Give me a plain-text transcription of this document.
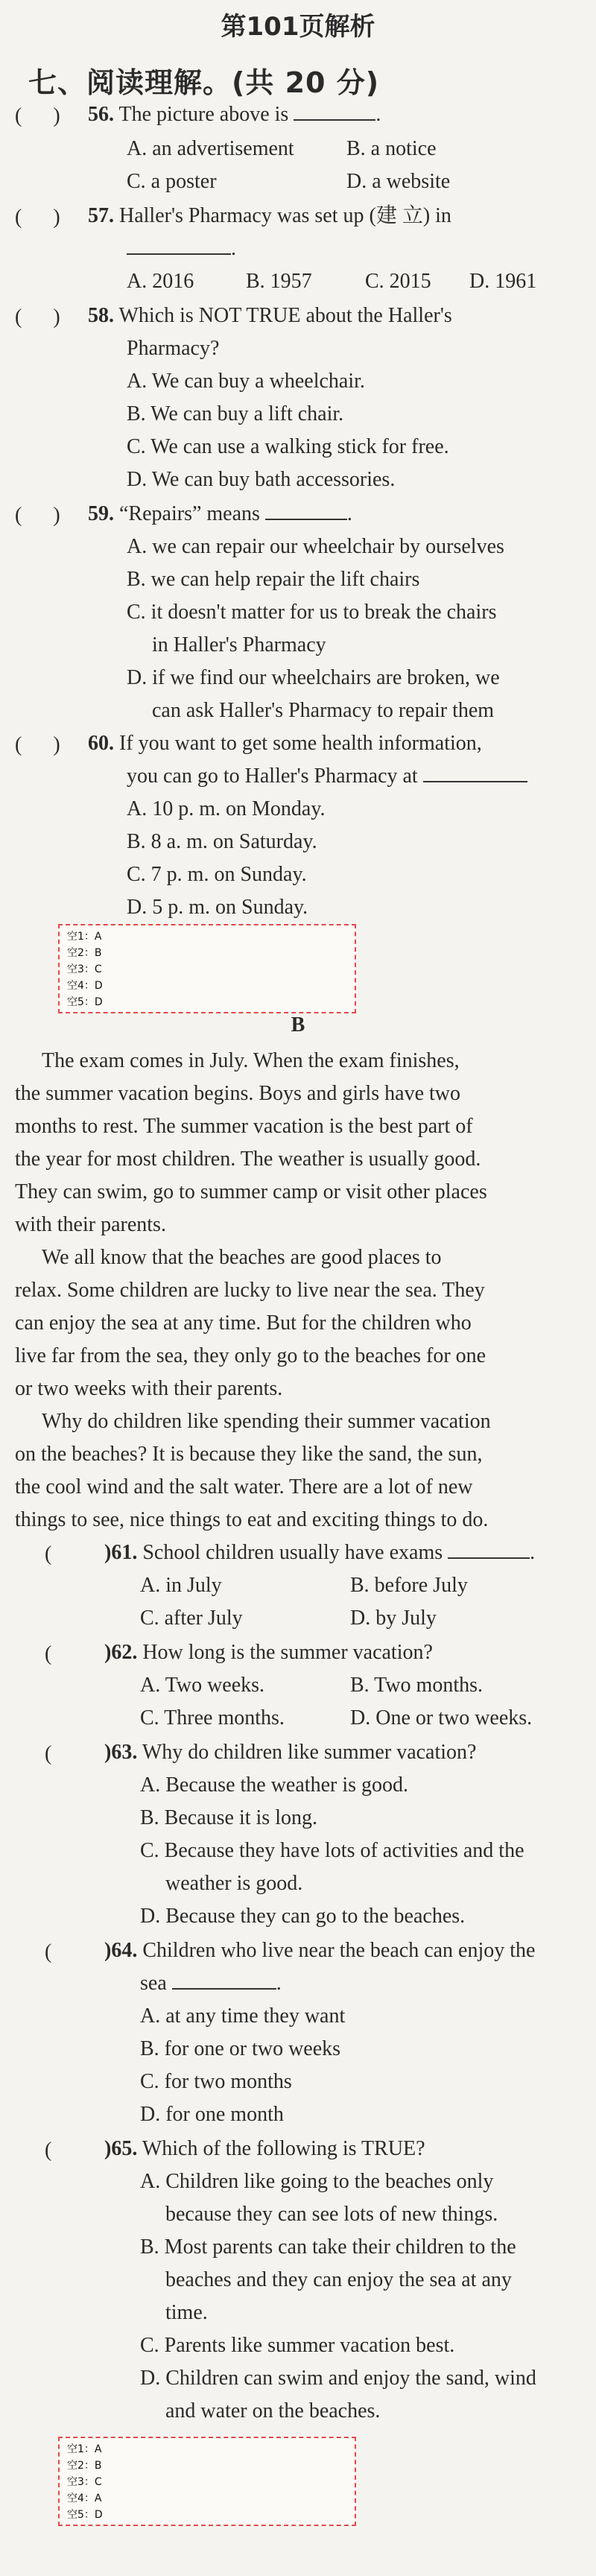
第101页解析
七、阅读理解。(共 20 分)
(      ) 56. The picture above is	.
A. an advertisement	B. a notice
C. a poster	D. a website
(      ) 57. Haller's Pharmacy was set up (建 立) in
.
A. 2016 B. 1957	C. 2015 D. 1961
(      ) 58. Which is NOT TRUE about the Haller's
Pharmacy?
A. We can buy a wheelchair.
B. We can buy a lift chair.
C. We can use a walking stick for free.
D. We can buy bath accessories.
(      ) 59. “Repairs” means	.
A. we can repair our wheelchair by ourselves
B. we can help repair the lift chairs
C. it doesn't matter for us to break the chairs
in Haller's Pharmacy
D. if we find our wheelchairs are broken, we
can ask Haller's Pharmacy to repair them
(      ) 60. If you want to get some health information,
you can go to Haller's Pharmacy at
A. 10 p. m. on Monday.
B. 8 a. m. on Saturday.
C. 7 p. m. on Sunday.
D. 5 p. m. on Sunday.
空1：A
空2：B
空3：C
空4：D
空5：D
B

The exam comes in July. When the exam finishes,

the summer vacation begins. Boys and girls have two

months to rest. The summer vacation is the best part of

the year for most children. The weather is usually good.

They can swim, go to summer camp or visit other places

with their parents.

We all know that the beaches are good places to

relax. Some children are lucky to live near the sea. They

can enjoy the sea at any time. But for the children who

live far from the sea, they only go to the beaches for one

or two weeks with their parents.

Why do children like spending their summer vacation

on the beaches? It is because they like the sand, the sun,

the cool wind and the salt water. There are a lot of new

things to see, nice things to eat and exciting things to do.

( )61. School children usually have exams	.
A. in July	B. before July
C. after July	D. by July
( )62. How long is the summer vacation?
A. Two weeks.	B. Two months.
C. Three months.	D. One or two weeks.
( )63. Why do children like summer vacation?
A. Because the weather is good.
B. Because it is long.
C. Because they have lots of activities and the
weather is good.
D. Because they can go to the beaches.
( )64. Children who live near the beach can enjoy the
sea	.
A. at any time they want
B. for one or two weeks
C. for two months
D. for one month
( )65. Which of the following is TRUE?
A. Children like going to the beaches only
because they can see lots of new things.
B. Most parents can take their children to the
beaches and they can enjoy the sea at any
time.
C. Parents like summer vacation best.
D. Children can swim and enjoy the sand, wind
and water on the beaches.
空1：A
空2：B
空3：C
空4：A
空5：D
